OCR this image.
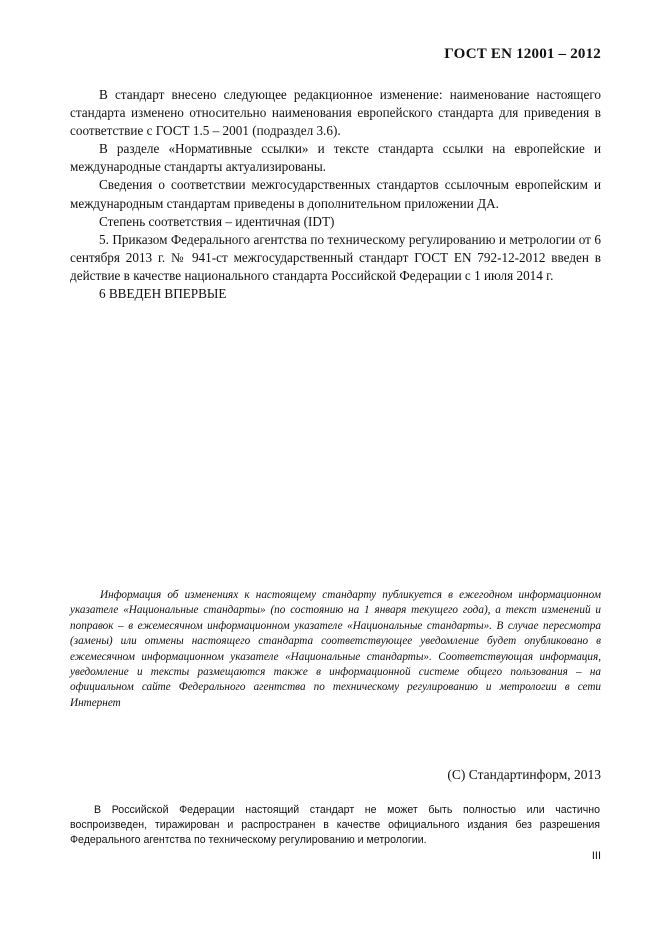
ГОСТ EN 12001 – 2012

В стандарт внесено следующее редакционное изменение: наименование настоящего стандарта изменено относительно наименования европейского стандарта для приведения в соответствие с ГОСТ 1.5 – 2001 (подраздел 3.6).

В разделе «Нормативные ссылки» и тексте стандарта ссылки на европейские и международные стандарты актуализированы.

Сведения о соответствии межгосударственных стандартов ссылочным европейским и международным стандартам приведены в дополнительном приложении ДА.

Степень соответствия – идентичная (IDT)

5. Приказом Федерального агентства по техническому регулированию и метрологии от 6 сентября 2013 г. № 941-ст межгосударственный стандарт ГОСТ EN 792-12-2012 введен в действие в качестве национального стандарта Российской Федерации с 1 июля 2014 г.

6 ВВЕДЕН ВПЕРВЫЕ

Информация об изменениях к настоящему стандарту публикуется в ежегодном информационном указателе «Национальные стандарты» (по состоянию на 1 января текущего года), а текст изменений и поправок – в ежемесячном информационном указателе «Национальные стандарты». В случае пересмотра (замены) или отмены настоящего стандарта соответствующее уведомление будет опубликовано в ежемесячном информационном указателе «Национальные стандарты». Соответствующая информация, уведомление и тексты размещаются также в информационной системе общего пользования – на официальном сайте Федерального агентства по техническому регулированию и метрологии в сети Интернет
(С) Стандартинформ, 2013
В Российской Федерации настоящий стандарт не может быть полностью или частично воспроизведен, тиражирован и распространен в качестве официального издания без разрешения Федерального агентства по техническому регулированию и метрологии.
III
